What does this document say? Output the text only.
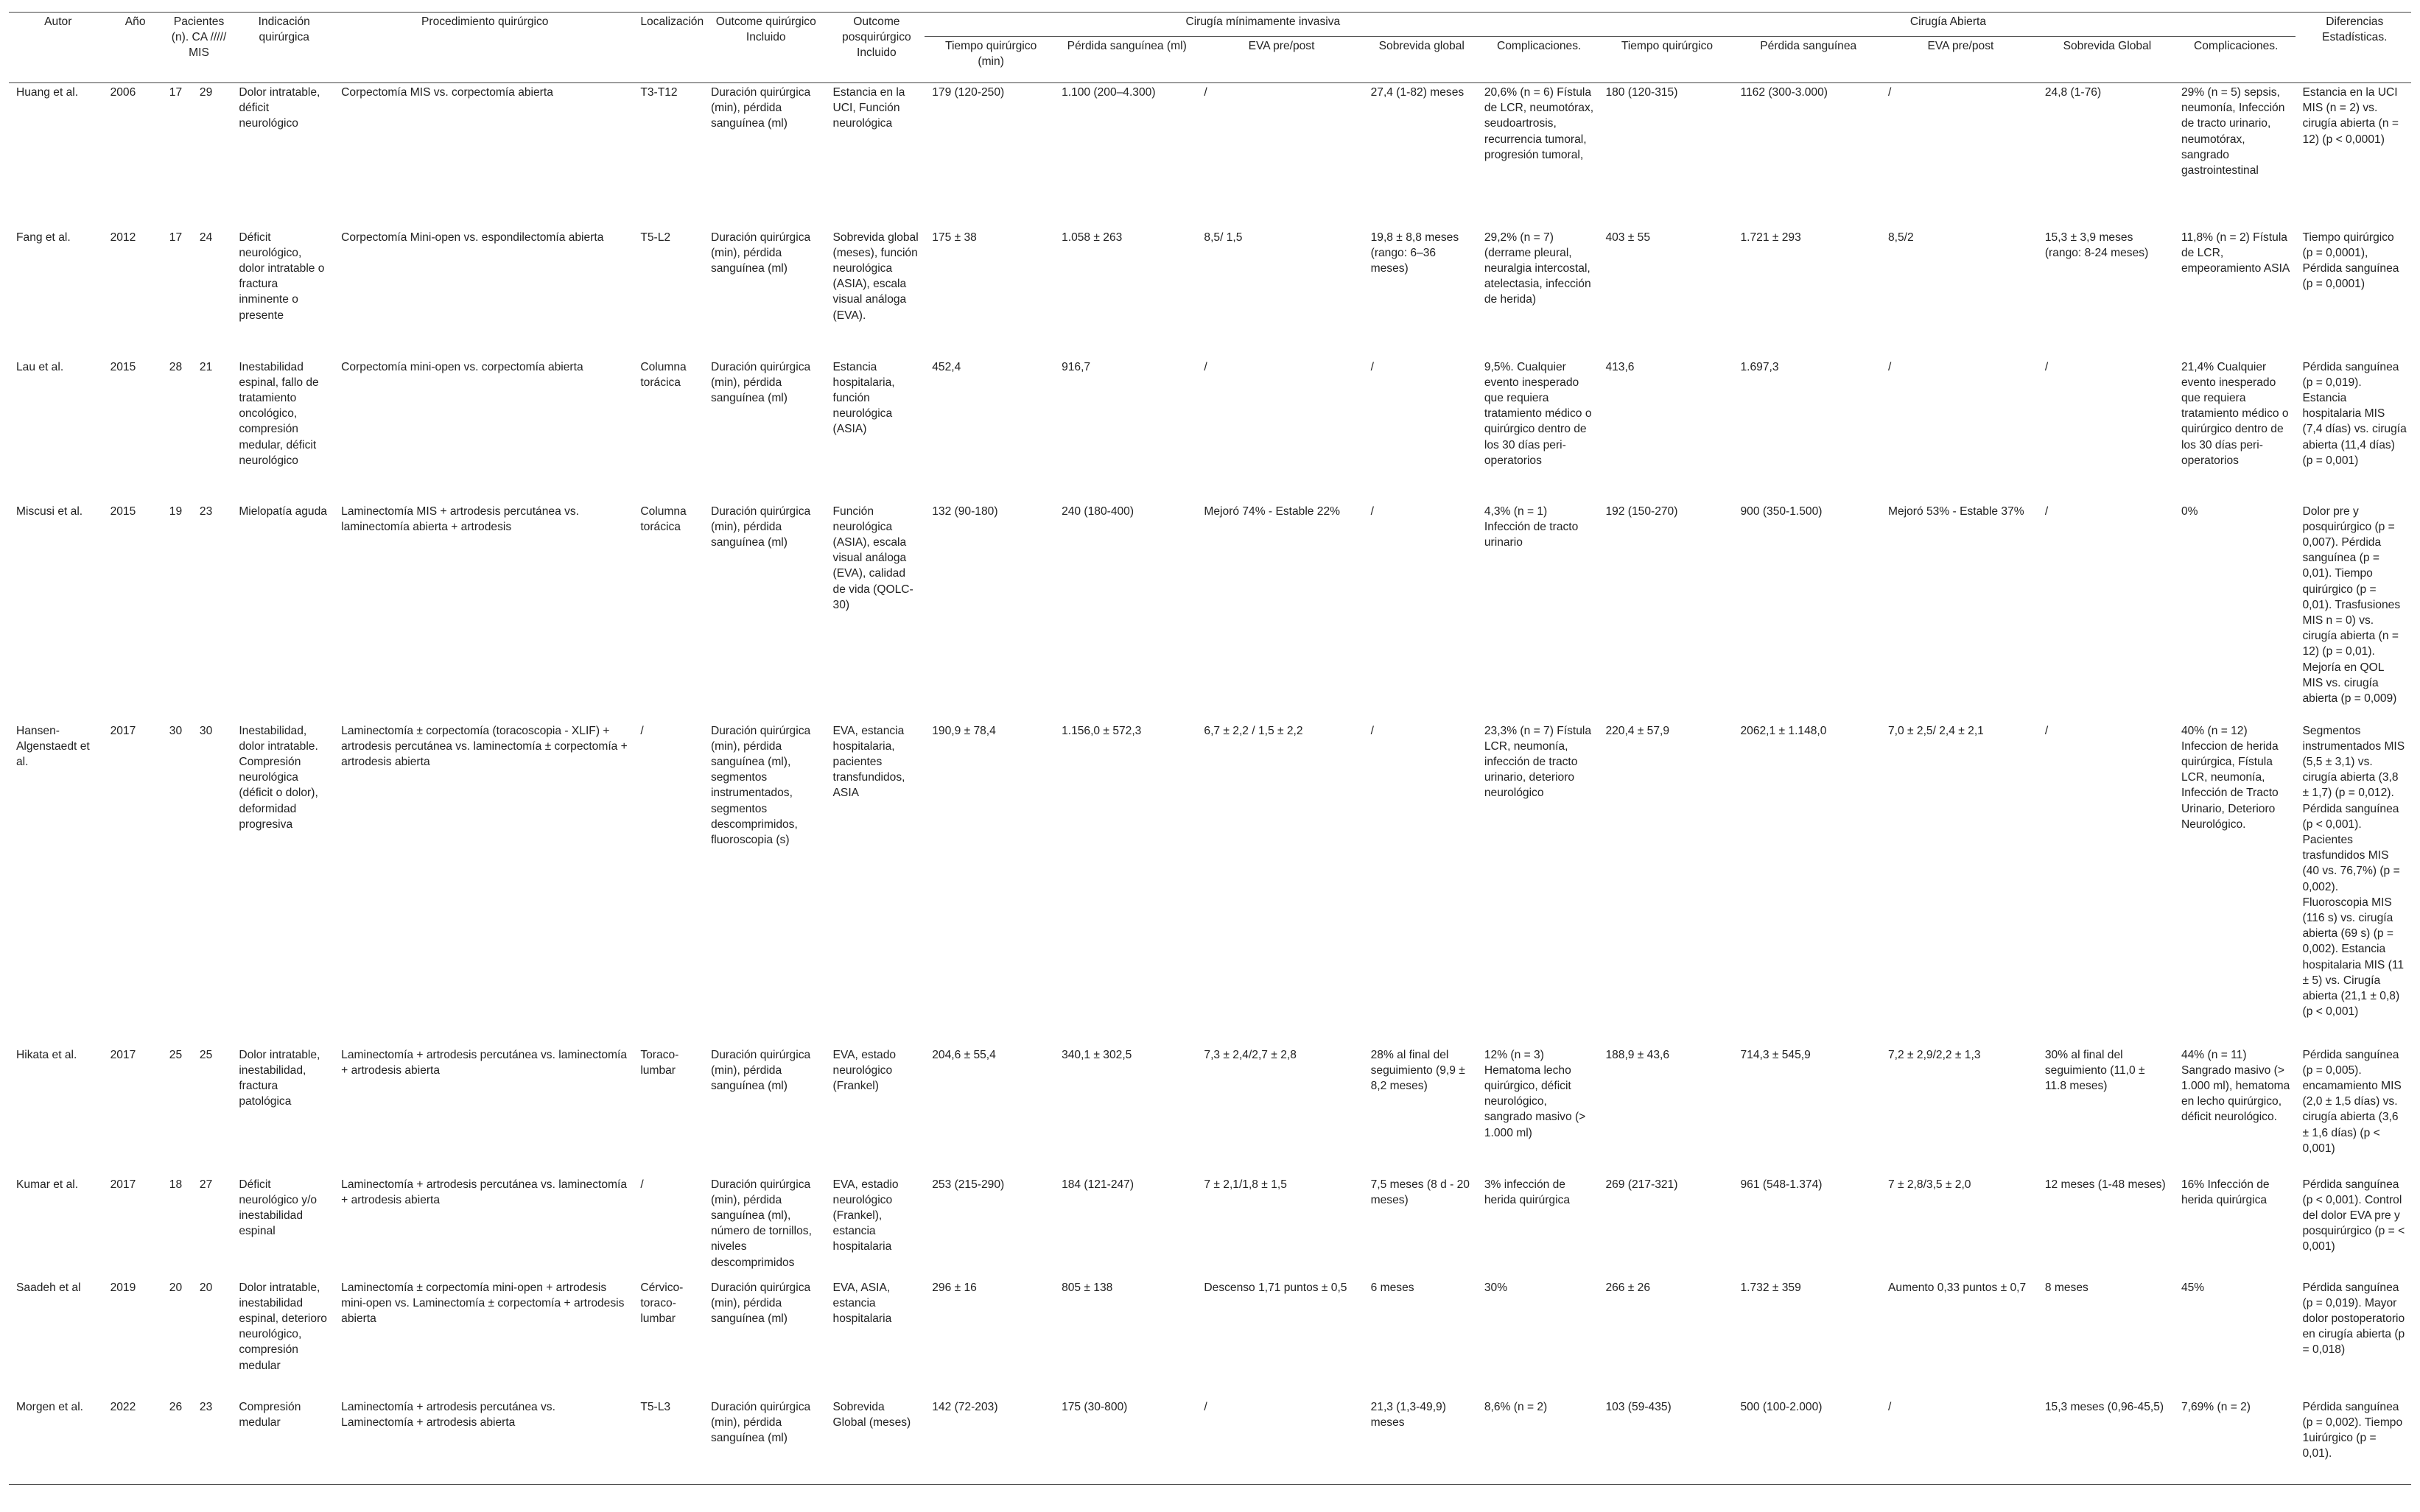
Autor	Año	Pacientes (n). CA ///// MIS		Indicación quirúrgica	Procedimiento quirúrgico	Localización	Outcome quirúrgico Incluido	Outcome posquirúrgico Incluido	Cirugía mínimamente invasiva					Cirugía Abierta					Diferencias Estadísticas.
									Tiempo quirúrgico (min)	Pérdida sanguínea (ml)	EVA pre/post	Sobrevida global	Complicaciones.	Tiempo quirúrgico	Pérdida sanguínea	EVA pre/post	Sobrevida Global	Complicaciones.	
Huang et al.	2006	17	29	Dolor intratable, déficit neurológico	Corpectomía MIS vs. corpectomía abierta	T3-T12	Duración quirúrgica (min), pérdida sanguínea (ml)	Estancia en la UCI, Función neurológica	179 (120-250)	1.100 (200–4.300)	/	27,4 (1-82) meses	20,6% (n = 6) Fístula de LCR, neumotórax, seudoartrosis, recurrencia tumoral, progresión tumoral,	180 (120-315)	1162 (300-3.000)	/	24,8 (1-76)	29% (n = 5) sepsis, neumonía, Infección de tracto urinario, neumotórax, sangrado gastrointestinal	Estancia en la UCI MIS (n = 2) vs. cirugía abierta (n = 12) (p < 0,0001)
Fang et al.	2012	17	24	Déficit neurológico, dolor intratable o fractura inminente o presente	Corpectomía Mini-open vs. espondilectomía abierta	T5-L2	Duración quirúrgica (min), pérdida sanguínea (ml)	Sobrevida global (meses), función neurológica (ASIA), escala visual análoga (EVA).	175 ± 38	1.058 ± 263	8,5/ 1,5	19,8 ± 8,8 meses (rango: 6–36 meses)	29,2% (n = 7) (derrame pleural, neuralgia intercostal, atelectasia, infección de herida)	403 ± 55	1.721 ± 293	8,5/2	15,3 ± 3,9 meses (rango: 8-24 meses)	11,8% (n = 2) Fístula de LCR, empeoramiento ASIA	Tiempo quirúrgico (p = 0,0001), Pérdida sanguínea (p = 0,0001)
Lau et al.	2015	28	21	Inestabilidad espinal, fallo de tratamiento oncológico, compresión medular, déficit neurológico	Corpectomía mini-open vs. corpectomía abierta	Columna torácica	Duración quirúrgica (min), pérdida sanguínea (ml)	Estancia hospitalaria, función neurológica (ASIA)	452,4	916,7	/	/	9,5%. Cualquier evento inesperado que requiera tratamiento médico o quirúrgico dentro de los 30 días peri-operatorios	413,6	1.697,3	/	/	21,4% Cualquier evento inesperado que requiera tratamiento médico o quirúrgico dentro de los 30 días peri-operatorios	Pérdida sanguínea (p = 0,019). Estancia hospitalaria MIS (7,4 días) vs. cirugía abierta (11,4 días) (p = 0,001)
Miscusi et al.	2015	19	23	Mielopatía aguda	Laminectomía MIS + artrodesis percutánea vs. laminectomía abierta + artrodesis	Columna torácica	Duración quirúrgica (min), pérdida sanguínea (ml)	Función neurológica (ASIA), escala visual análoga (EVA), calidad de vida (QOLC-30)	132 (90-180)	240 (180-400)	Mejoró 74% - Estable 22%	/	4,3% (n = 1) Infección de tracto urinario	192 (150-270)	900 (350-1.500)	Mejoró 53% - Estable 37%	/	0%	Dolor pre y posquirúrgico (p = 0,007). Pérdida sanguínea (p = 0,01). Tiempo quirúrgico (p = 0,01). Trasfusiones MIS n = 0) vs. cirugía abierta (n = 12) (p = 0,01). Mejoría en QOL MIS vs. cirugía abierta (p = 0,009)
Hansen-Algenstaedt et al.	2017	30	30	Inestabilidad, dolor intratable. Compresión neurológica (déficit o dolor), deformidad progresiva	Laminectomía ± corpectomía (toracoscopia - XLIF) + artrodesis percutánea vs. laminectomía ± corpectomía + artrodesis abierta	/	Duración quirúrgica (min), pérdida sanguínea (ml), segmentos instrumentados, segmentos descomprimidos, fluoroscopia (s)	EVA, estancia hospitalaria, pacientes transfundidos, ASIA	190,9 ± 78,4	1.156,0 ± 572,3	6,7 ± 2,2 / 1,5 ± 2,2	/	23,3% (n = 7) Fístula LCR, neumonía, infección de tracto urinario, deterioro neurológico	220,4 ± 57,9	2062,1 ± 1.148,0	7,0 ± 2,5/ 2,4 ± 2,1	/	40% (n = 12) Infeccion de herida quirúrgica, Fístula LCR, neumonía, Infección de Tracto Urinario, Deterioro Neurológico.	Segmentos instrumentados MIS (5,5 ± 3,1) vs. cirugía abierta (3,8 ± 1,7) (p = 0,012). Pérdida sanguínea (p < 0,001). Pacientes trasfundidos MIS (40 vs. 76,7%) (p = 0,002). Fluoroscopia MIS (116 s) vs. cirugía abierta (69 s) (p = 0,002). Estancia hospitalaria MIS (11 ± 5) vs. Cirugía abierta (21,1 ± 0,8) (p < 0,001)
Hikata et al.	2017	25	25	Dolor intratable, inestabilidad, fractura patológica	Laminectomía + artrodesis percutánea vs. laminectomía + artrodesis abierta	Toraco-lumbar	Duración quirúrgica (min), pérdida sanguínea (ml)	EVA, estado neurológico (Frankel)	204,6 ± 55,4	340,1 ± 302,5	7,3 ± 2,4/2,7 ± 2,8	28% al final del seguimiento (9,9 ± 8,2 meses)	12% (n = 3) Hematoma lecho quirúrgico, déficit neurológico, sangrado masivo (> 1.000 ml)	188,9 ± 43,6	714,3 ± 545,9	7,2 ± 2,9/2,2 ± 1,3	30% al final del seguimiento (11,0 ± 11.8 meses)	44% (n = 11) Sangrado masivo (> 1.000 ml), hematoma en lecho quirúrgico, déficit neurológico.	Pérdida sanguínea (p = 0,005). encamamiento MIS (2,0 ± 1,5 días) vs. cirugía abierta (3,6 ± 1,6 días) (p < 0,001)
Kumar et al.	2017	18	27	Déficit neurológico y/o inestabilidad espinal	Laminectomía + artrodesis percutánea vs. laminectomía + artrodesis abierta	/	Duración quirúrgica (min), pérdida sanguínea (ml), número de tornillos, niveles descomprimidos	EVA, estadio neurológico (Frankel), estancia hospitalaria	253 (215-290)	184 (121-247)	7 ± 2,1/1,8 ± 1,5	7,5 meses (8 d - 20 meses)	3% infección de herida quirúrgica	269 (217-321)	961 (548-1.374)	7 ± 2,8/3,5 ± 2,0	12 meses (1-48 meses)	16% Infección de herida quirúrgica	Pérdida sanguínea (p < 0,001). Control del dolor EVA pre y posquirúrgico (p = < 0,001)
Saadeh et al	2019	20	20	Dolor intratable, inestabilidad espinal, deterioro neurológico, compresión medular	Laminectomía ± corpectomía mini-open + artrodesis mini-open vs. Laminectomía ± corpectomía + artrodesis abierta	Cérvico-toraco-lumbar	Duración quirúrgica (min), pérdida sanguínea (ml)	EVA, ASIA, estancia hospitalaria	296 ± 16	805 ± 138	Descenso 1,71 puntos ± 0,5	6 meses	30%	266 ± 26	1.732 ± 359	Aumento 0,33 puntos ± 0,7	8 meses	45%	Pérdida sanguínea (p = 0,019). Mayor dolor postoperatorio en cirugía abierta (p = 0,018)
Morgen et al.	2022	26	23	Compresión medular	Laminectomía + artrodesis percutánea vs. Laminectomía + artrodesis abierta	T5-L3	Duración quirúrgica (min), pérdida sanguínea (ml)	Sobrevida Global (meses)	142 (72-203)	175 (30-800)	/	21,3 (1,3-49,9) meses	8,6% (n = 2)	103 (59-435)	500 (100-2.000)	/	15,3 meses (0,96-45,5)	7,69% (n = 2)	Pérdida sanguínea (p = 0,002). Tiempo 1uirúrgico (p = 0,01).
